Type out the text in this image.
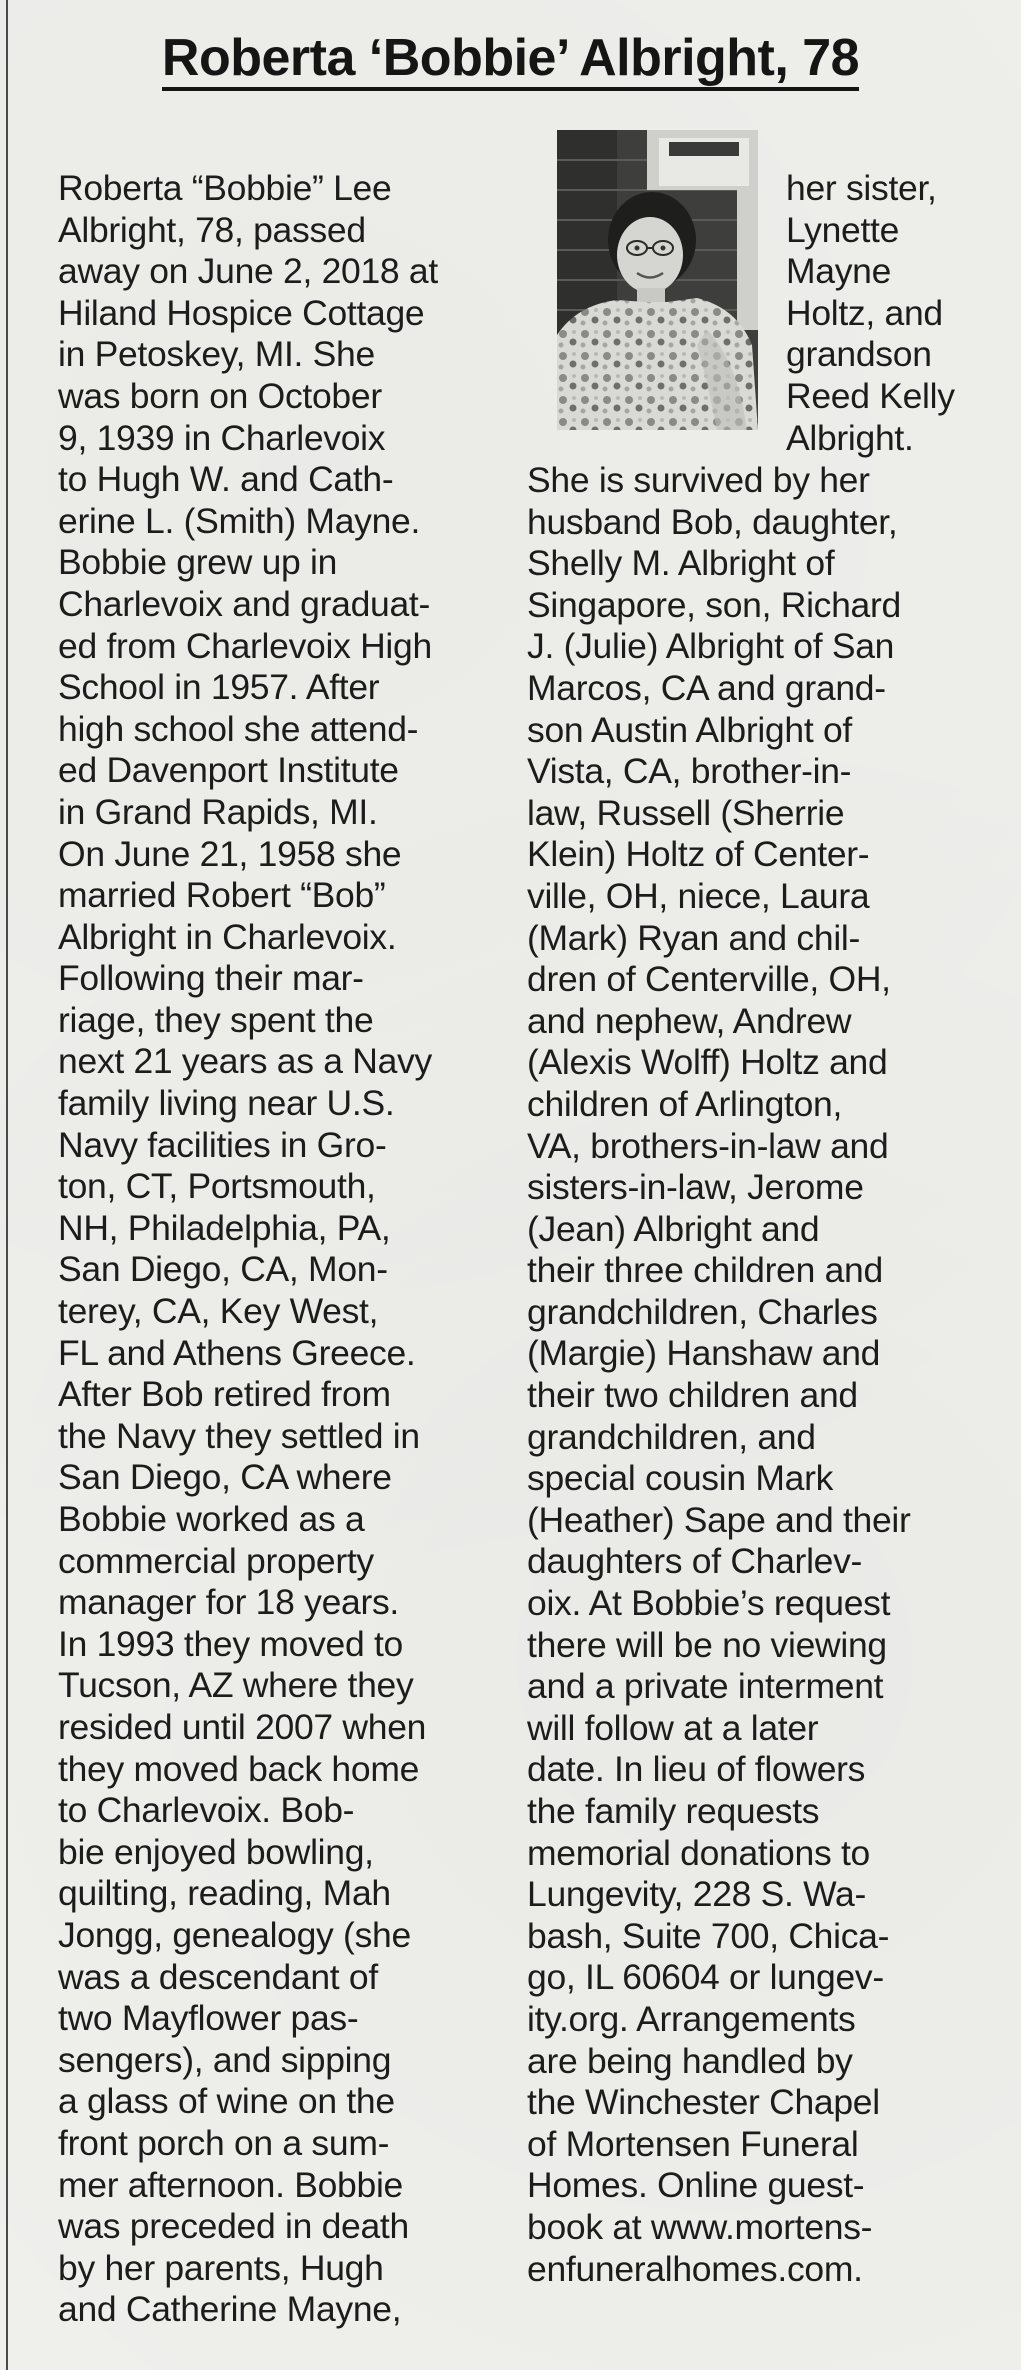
Roberta ‘Bobbie’ Albright, 78
Roberta “Bobbie” Lee
Albright, 78, passed
away on June 2, 2018 at
Hiland Hospice Cottage
in Petoskey, MI. She
was born on October
9, 1939 in Charlevoix
to Hugh W. and Cath-
erine L. (Smith) Mayne.
Bobbie grew up in
Charlevoix and graduat-
ed from Charlevoix High
School in 1957. After
high school she attend-
ed Davenport Institute
in Grand Rapids, MI.
On June 21, 1958 she
married Robert “Bob”
Albright in Charlevoix.
Following their mar-
riage, they spent the
next 21 years as a Navy
family living near U.S.
Navy facilities in Gro-
ton, CT, Portsmouth,
NH, Philadelphia, PA,
San Diego, CA, Mon-
terey, CA, Key West,
FL and Athens Greece.
After Bob retired from
the Navy they settled in
San Diego, CA where
Bobbie worked as a
commercial property
manager for 18 years.
In 1993 they moved to
Tucson, AZ where they
resided until 2007 when
they moved back home
to Charlevoix. Bob-
bie enjoyed bowling,
quilting, reading, Mah
Jongg, genealogy (she
was a descendant of
two Mayflower pas-
sengers), and sipping
a glass of wine on the
front porch on a sum-
mer afternoon. Bobbie
was preceded in death
by her parents, Hugh
and Catherine Mayne,
her sister,
Lynette
Mayne
Holtz, and
grandson
Reed Kelly
Albright.
She is survived by her
husband Bob, daughter,
Shelly M. Albright of
Singapore, son, Richard
J. (Julie) Albright of San
Marcos, CA and grand-
son Austin Albright of
Vista, CA, brother-in-
law, Russell (Sherrie
Klein) Holtz of Center-
ville, OH, niece, Laura
(Mark) Ryan and chil-
dren of Centerville, OH,
and nephew, Andrew
(Alexis Wolff) Holtz and
children of Arlington,
VA, brothers-in-law and
sisters-in-law, Jerome
(Jean) Albright and
their three children and
grandchildren, Charles
(Margie) Hanshaw and
their two children and
grandchildren, and
special cousin Mark
(Heather) Sape and their
daughters of Charlev-
oix. At Bobbie’s request
there will be no viewing
and a private interment
will follow at a later
date. In lieu of flowers
the family requests
memorial donations to
Lungevity, 228 S. Wa-
bash, Suite 700, Chica-
go, IL 60604 or lungev-
ity.org. Arrangements
are being handled by
the Winchester Chapel
of Mortensen Funeral
Homes. Online guest-
book at www.mortens-
enfuneralhomes.com.
